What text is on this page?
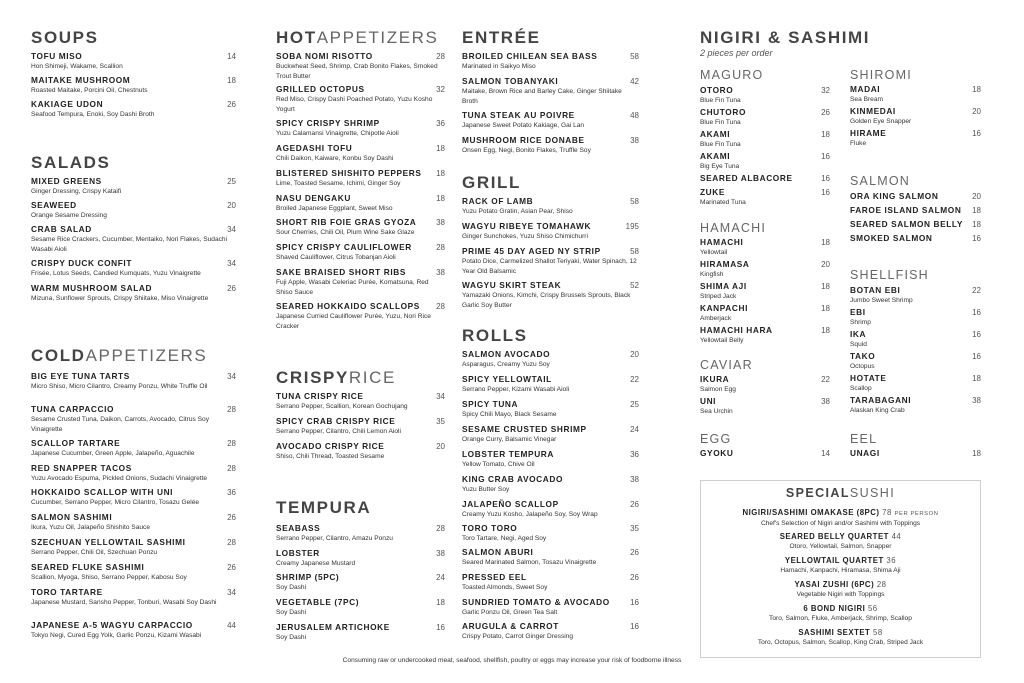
SOUPS
TOFU MISO
Hon Shimeji, Wakame, Scallion
14
MAITAKE MUSHROOM
Roasted Maitake, Porcini Oil, Chestnuts
18
KAKIAGE UDON
Seafood Tempura, Enoki, Soy Dashi Broth
26
SALADS
MIXED GREENS
Ginger Dressing, Crispy Kataifi
25
SEAWEED
Orange Sesame Dressing
20
CRAB SALAD
Sesame Rice Crackers, Cucumber, Mentaiko, Nori Flakes, Sudachi Wasabi Aioli
34
CRISPY DUCK CONFIT
Frisée, Lotus Seeds, Candied Kumquats, Yuzu Vinaigrette
34
WARM MUSHROOM SALAD
Mizuna, Sunflower Sprouts, Crispy Shiitake, Miso Vinaigrette
26
COLDAPPETIZERS
BIG EYE TUNA TARTS
Micro Shiso, Micro Cilantro, Creamy Ponzu, White Truffle Oil
34
TUNA CARPACCIO
Sesame Crusted Tuna, Daikon, Carrots, Avocado, Citrus Soy Vinaigrette
28
SCALLOP TARTARE
Japanese Cucumber, Green Apple, Jalapeño, Aguachile
28
RED SNAPPER TACOS
Yuzu Avocado Espuma, Pickled Onions, Sudachi Vinaigrette
28
HOKKAIDO SCALLOP WITH UNI
Cucumber, Serrano Pepper, Micro Cilantro, Tosazu Gelée
36
SALMON SASHIMI
Ikura, Yuzu Oil, Jalapeño Shishito Sauce
26
SZECHUAN YELLOWTAIL SASHIMI
Serrano Pepper, Chili Oil, Szechuan Ponzu
28
SEARED FLUKE SASHIMI
Scallion, Myoga, Shiso, Serrano Pepper, Kabosu Soy
26
TORO TARTARE
Japanese Mustard, Sansho Pepper, Tonburi, Wasabi Soy Dashi
34
JAPANESE A-5 WAGYU CARPACCIO
Tokyo Negi, Cured Egg Yolk, Garlic Ponzu, Kizami Wasabi
44
HOTAPPETIZERS
SOBA NOMI RISOTTO
Buckwheat Seed, Shrimp, Crab Bonito Flakes, Smoked Trout Butter
28
GRILLED OCTOPUS
Red Miso, Crispy Dashi Poached Potato, Yuzu Kosho Yogurt
32
SPICY CRISPY SHRIMP
Yuzu Calamansi Vinaigrette, Chipotle Aioli
36
AGEDASHI TOFU
Chili Daikon, Kaiware, Konbu Soy Dashi
18
BLISTERED SHISHITO PEPPERS
Lime, Toasted Sesame, Ichimi, Ginger Soy
18
NASU DENGAKU
Broiled Japanese Eggplant, Sweet Miso
18
SHORT RIB FOIE GRAS GYOZA
Sour Cherries, Chili Oil, Plum Wine Sake Glaze
38
SPICY CRISPY CAULIFLOWER
Shaved Cauliflower, Citrus Tobanjan Aioli
28
SAKE BRAISED SHORT RIBS
Fuji Apple, Wasabi Celeriac Purée, Komatsuna, Red Shiso Sauce
38
SEARED HOKKAIDO SCALLOPS
Japanese Curried Cauliflower Purée, Yuzu, Nori Rice Cracker
28
CRISPYRICE
TUNA CRISPY RICE
Serrano Pepper, Scallion, Korean Gochujang
34
SPICY CRAB CRISPY RICE
Serrano Pepper, Cilantro, Chili Lemon Aioli
35
AVOCADO CRISPY RICE
Shiso, Chili Thread, Toasted Sesame
20
TEMPURA
SEABASS
Serrano Pepper, Cilantro, Amazu Ponzu
28
LOBSTER
Creamy Japanese Mustard
38
SHRIMP (5PC)
Soy Dashi
24
VEGETABLE (7PC)
Soy Dashi
18
JERUSALEM ARTICHOKE
Soy Dashi
16
ENTRÉE
BROILED CHILEAN SEA BASS
Marinated in Saikyo Miso
58
SALMON TOBANYAKI
Maitake, Brown Rice and Barley Cake, Ginger Shiitake Broth
42
TUNA STEAK AU POIVRE
Japanese Sweet Potato Kakiage, Gai Lan
48
MUSHROOM RICE DONABE
Onsen Egg, Negi, Bonito Flakes, Truffle Soy
38
GRILL
RACK OF LAMB
Yuzu Potato Gratin, Asian Pear, Shiso
58
WAGYU RIBEYE TOMAHAWK
Ginger Sunchokes, Yuzu Shiso Chimichurri
195
PRIME 45 DAY AGED NY STRIP
Potato Dice, Carmelized Shallot Teriyaki, Water Spinach, 12 Year Old Balsamic
58
WAGYU SKIRT STEAK
Yamazaki Onions, Kimchi, Crispy Brussels Sprouts, Black Garlic Soy Butter
52
ROLLS
SALMON AVOCADO
Asparagus, Creamy Yuzu Soy
20
SPICY YELLOWTAIL
Serrano Pepper, Kizami Wasabi Aioli
22
SPICY TUNA
Spicy Chili Mayo, Black Sesame
25
SESAME CRUSTED SHRIMP
Orange Curry, Balsamic Vinegar
24
LOBSTER TEMPURA
Yellow Tomato, Chive Oil
36
KING CRAB AVOCADO
Yuzu Butter Soy
38
JALAPEÑO SCALLOP
Creamy Yuzu Kosho, Jalapeño Soy, Soy Wrap
26
TORO TORO
Toro Tartare, Negi, Aged Soy
35
SALMON ABURI
Seared Marinated Salmon, Tosazu Vinaigrette
26
PRESSED EEL
Toasted Almonds, Sweet Soy
26
SUNDRIED TOMATO & AVOCADO
Garlic Ponzu Oil, Green Tea Salt
16
ARUGULA & CARROT
Crispy Potato, Carrot Ginger Dressing
16
NIGIRI & SASHIMI
2 pieces per order
MAGURO
OTORO
Blue Fin Tuna
32
CHUTORO
Blue Fin Tuna
26
AKAMI
Blue Fin Tuna
18
AKAMI
Big Eye Tuna
16
SEARED ALBACORE	16
ZUKE
Marinated Tuna
16
HAMACHI
HAMACHI
Yellowtail
18
HIRAMASA
Kingfish
20
SHIMA AJI
Striped Jack
18
KANPACHI
Amberjack
18
HAMACHI HARA
Yellowtail Belly
18
CAVIAR
IKURA
Salmon Egg
22
UNI
Sea Urchin
38
EGG
GYOKU	14
SHIROMI
MADAI
Sea Bream
18
KINMEDAI
Golden Eye Snapper
20
HIRAME
Fluke
16
SALMON
ORA KING SALMON	20
FAROE ISLAND SALMON	18
SEARED SALMON BELLY	18
SMOKED SALMON	16
SHELLFISH
BOTAN EBI
Jumbo Sweet Shrimp
22
EBI
Shrimp
16
IKA
Squid
16
TAKO
Octopus
16
HOTATE
Scallop
18
TARABAGANI
Alaskan King Crab
38
EEL
UNAGI	18
SPECIALSUSHI
NIGIRI/SASHIMI OMAKASE (8PC) 78 PER PERSON
Chef's Selection of Nigiri and/or Sashimi with Toppings
SEARED BELLY QUARTET 44
Otoro, Yellowtail, Salmon, Snapper
YELLOWTAIL QUARTET 36
Hamachi, Kanpachi, Hiramasa, Shima Aji
YASAI ZUSHI (6PC) 28
Vegetable Nigiri with Toppings
6 BOND NIGIRI 56
Toro, Salmon, Fluke, Amberjack, Shrimp, Scallop
SASHIMI SEXTET 58
Toro, Octopus, Salmon, Scallop, King Crab, Striped Jack
Consuming raw or undercooked meat, seafood, shellfish, poultry or eggs may increase your risk of foodborne illness
